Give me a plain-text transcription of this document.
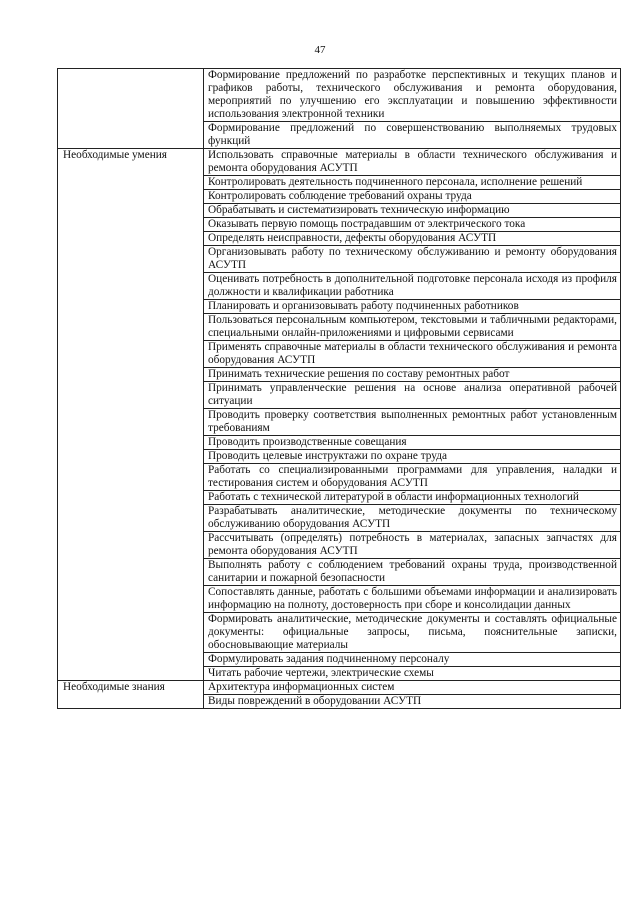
47

	Формирование предложений по разработке перспективных и текущих планов и графиков работы, технического обслуживания и ремонта оборудования, мероприятий по улучшению его эксплуатации и повышению эффективности использования электронной техники

	Формирование предложений по совершенствованию выполняемых трудовых функций

Необходимые умения	Использовать справочные материалы в области технического обслуживания и ремонта оборудования АСУТП

	Контролировать деятельность подчиненного персонала, исполнение решений

	Контролировать соблюдение требований охраны труда

	Обрабатывать и систематизировать техническую информацию

	Оказывать первую помощь пострадавшим от электрического тока

	Определять неисправности, дефекты оборудования АСУТП

	Организовывать работу по техническому обслуживанию и ремонту оборудования АСУТП

	Оценивать потребность в дополнительной подготовке персонала исходя из профиля должности и квалификации работника

	Планировать и организовывать работу подчиненных работников

	Пользоваться персональным компьютером, текстовыми и табличными редакторами, специальными онлайн-приложениями и цифровыми сервисами

	Применять справочные материалы в области технического обслуживания и ремонта оборудования АСУТП

	Принимать технические решения по составу ремонтных работ

	Принимать управленческие решения на основе анализа оперативной рабочей ситуации

	Проводить проверку соответствия выполненных ремонтных работ установленным требованиям

	Проводить производственные совещания

	Проводить целевые инструктажи по охране труда

	Работать со специализированными программами для управления, наладки и тестирования систем и оборудования АСУТП

	Работать с технической литературой в области информационных технологий

	Разрабатывать аналитические, методические документы по техническому обслуживанию оборудования АСУТП

	Рассчитывать (определять) потребность в материалах, запасных запчастях для ремонта оборудования АСУТП

	Выполнять работу с соблюдением требований охраны труда, производственной санитарии и пожарной безопасности

	Сопоставлять данные, работать с большими объемами информации и анализировать информацию на полноту, достоверность при сборе и консолидации данных

	Формировать аналитические, методические документы и составлять официальные документы: официальные запросы, письма, пояснительные записки, обосновывающие материалы

	Формулировать задания подчиненному персоналу

	Читать рабочие чертежи, электрические схемы

Необходимые знания	Архитектура информационных систем

	Виды повреждений в оборудовании АСУТП
